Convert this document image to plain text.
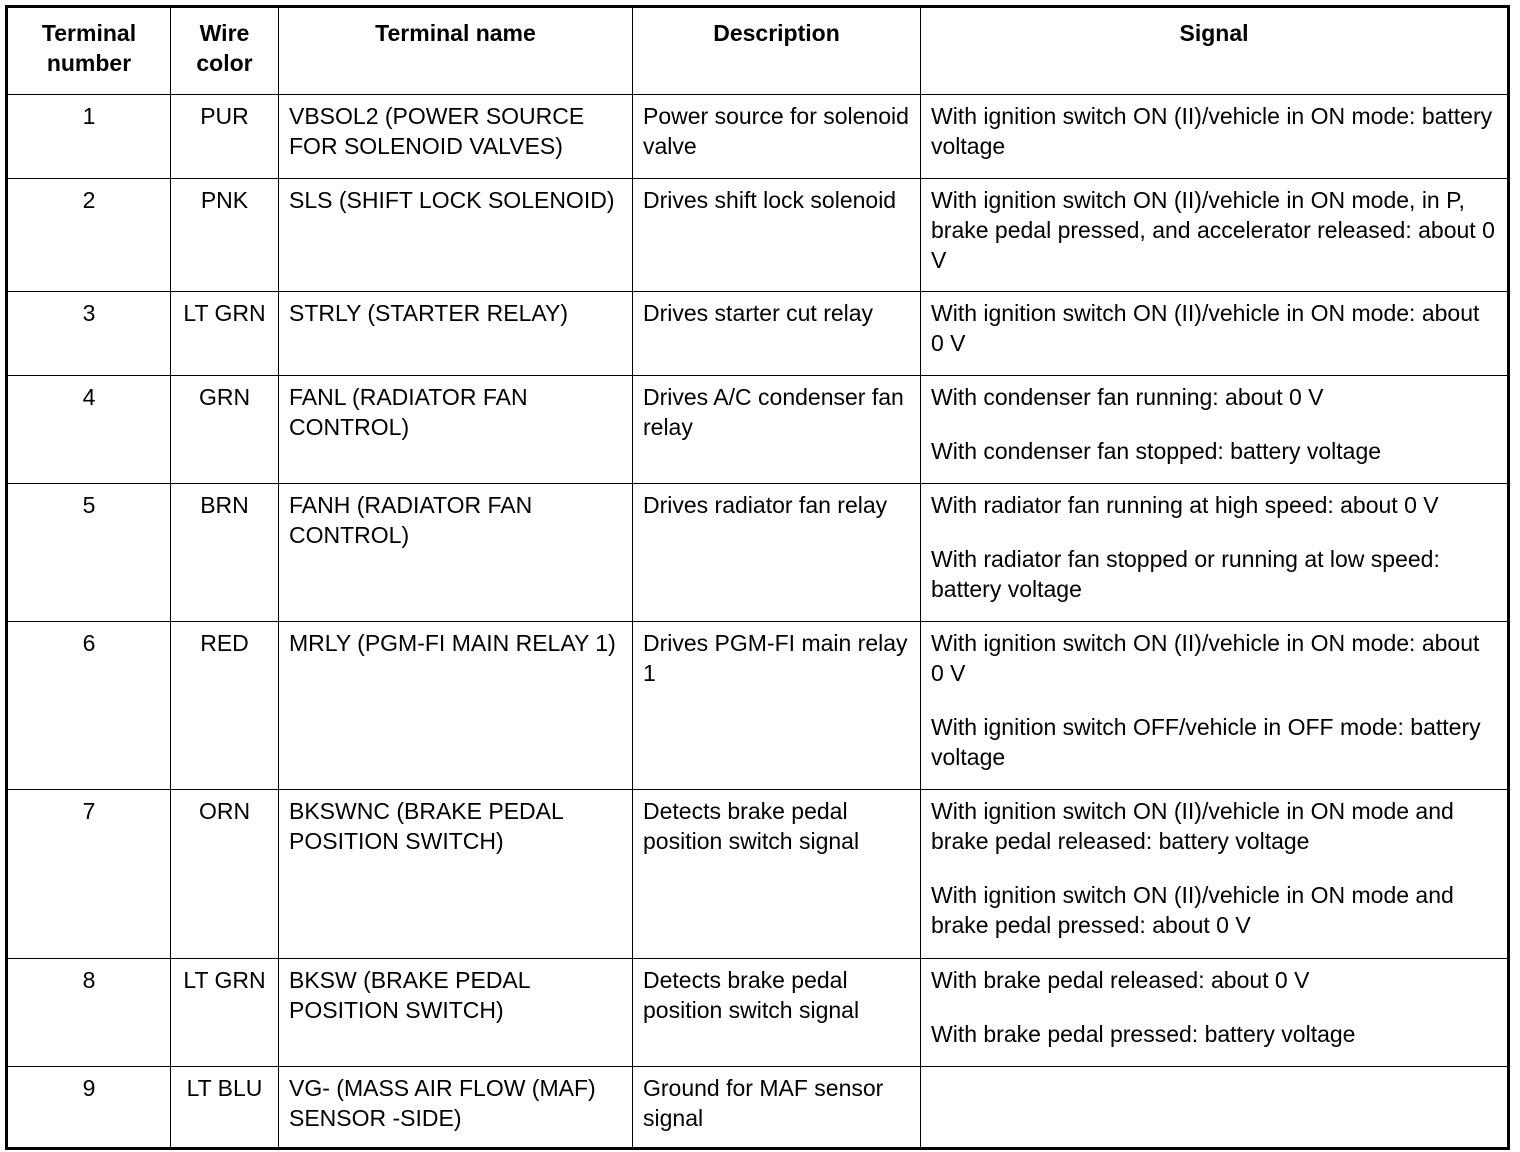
Terminal number	Wire color	Terminal name	Description	Signal
1	PUR	VBSOL2 (POWER SOURCE FOR SOLENOID VALVES)	Power source for solenoid valve	With ignition switch ON (II)/vehicle in ON mode: battery voltage

2	PNK	SLS (SHIFT LOCK SOLENOID)	Drives shift lock solenoid	With ignition switch ON (II)/vehicle in ON mode, in P, brake pedal pressed, and accelerator released: about 0 V

3	LT GRN	STRLY (STARTER RELAY)	Drives starter cut relay	With ignition switch ON (II)/vehicle in ON mode: about 0 V

4	GRN	FANL (RADIATOR FAN CONTROL)	Drives A/C condenser fan relay	With condenser fan running: about 0 V
With condenser fan stopped: battery voltage

5	BRN	FANH (RADIATOR FAN CONTROL)	Drives radiator fan relay	With radiator fan running at high speed: about 0 V
With radiator fan stopped or running at low speed: battery voltage

6	RED	MRLY (PGM-FI MAIN RELAY 1)	Drives PGM-FI main relay 1	With ignition switch ON (II)/vehicle in ON mode: about 0 V
With ignition switch OFF/vehicle in OFF mode: battery voltage

7	ORN	BKSWNC (BRAKE PEDAL POSITION SWITCH)	Detects brake pedal position switch signal	With ignition switch ON (II)/vehicle in ON mode and brake pedal released: battery voltage
With ignition switch ON (II)/vehicle in ON mode and brake pedal pressed: about 0 V

8	LT GRN	BKSW (BRAKE PEDAL POSITION SWITCH)	Detects brake pedal position switch signal	With brake pedal released: about 0 V
With brake pedal pressed: battery voltage

9	LT BLU	VG- (MASS AIR FLOW (MAF) SENSOR -SIDE)	Ground for MAF sensor signal	
